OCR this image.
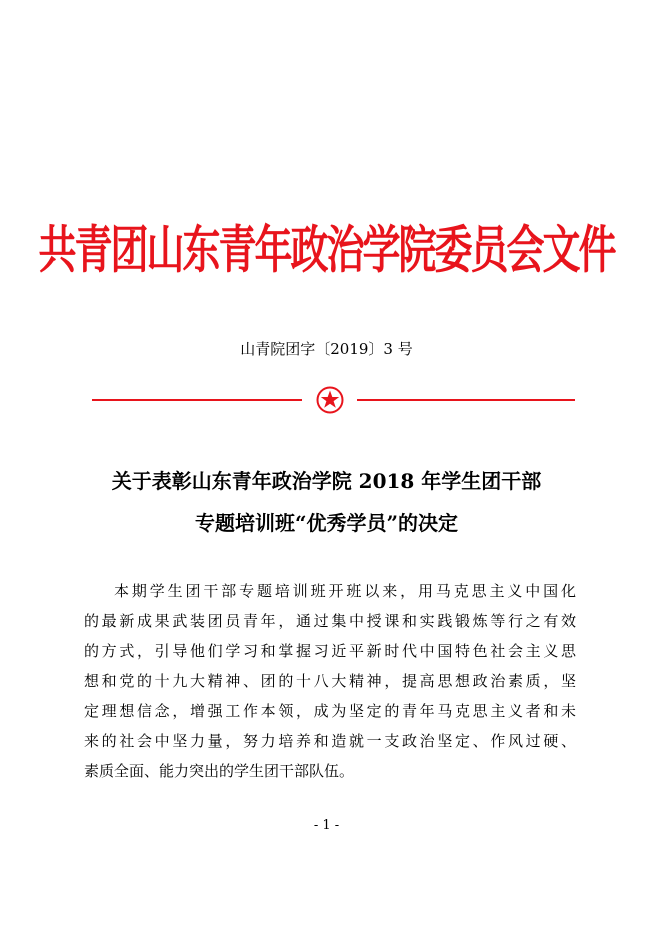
共青团山东青年政治学院委员会文件
山青院团字〔2019〕3 号
关于表彰山东青年政治学院 2018 年学生团干部
专题培训班“优秀学员”的决定
本期学生团干部专题培训班开班以来，用马克思主义中国化
的最新成果武装团员青年，通过集中授课和实践锻炼等行之有效
的方式，引导他们学习和掌握习近平新时代中国特色社会主义思
想和党的十九大精神、团的十八大精神，提高思想政治素质，坚
定理想信念，增强工作本领，成为坚定的青年马克思主义者和未
来的社会中坚力量，努力培养和造就一支政治坚定、作风过硬、
素质全面、能力突出的学生团干部队伍。
- 1 -
